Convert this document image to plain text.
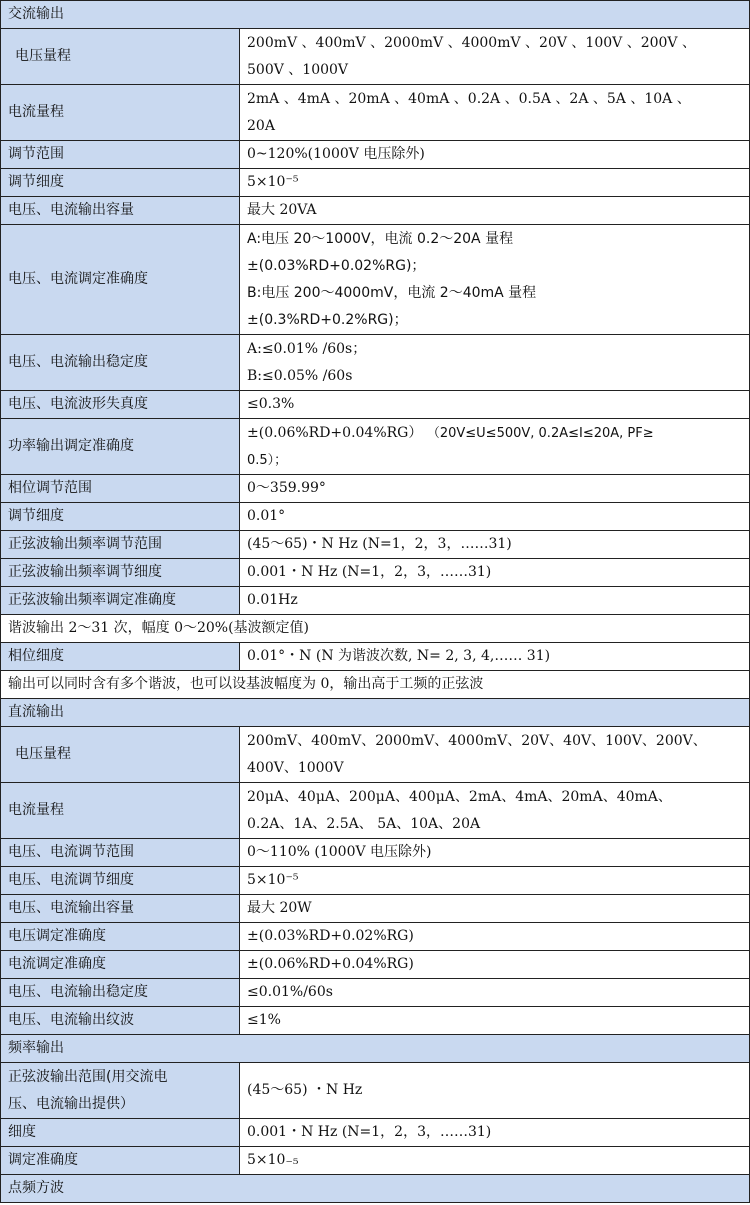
交流输出	
电压量程	200mV 、400mV 、2000mV 、4000mV 、20V 、100V 、200V 、
500V 、1000V

电流量程	2mA 、4mA 、20mA 、40mA 、0.2A 、0.5A 、2A 、5A 、10A 、
20A

调节范围	0~120%(1000V 电压除外)
调节细度	5×10⁻⁵
电压、电流输出容量	最大 20VA
电压、电流调定准确度	A:电压 20～1000V，电流 0.2～20A 量程
±(0.03%RD+0.02%RG)；
B:电压 200～4000mV，电流 2～40mA 量程
±(0.3%RD+0.2%RG)；

电压、电流输出稳定度	A:≤0.01% /60s；
B:≤0.05% /60s

电压、电流波形失真度	≤0.3%
功率输出调定准确度	±(0.06%RD+0.04%RG） （20V≤U≤500V, 0.2A≤I≤20A, PF≥
0.5）；

相位调节范围	0～359.99°
调节细度	0.01°
正弦波输出频率调节范围	(45～65)・N Hz (N=1，2，3，……31)
正弦波输出频率调节细度	0.001・N Hz (N=1，2，3，……31)
正弦波输出频率调定准确度	0.01Hz
谐波输出 2～31 次，幅度 0～20%(基波额定值)	
相位细度	0.01°・N (N 为谐波次数, N= 2, 3, 4,…… 31)
输出可以同时含有多个谐波，也可以设基波幅度为 0，输出高于工频的正弦波	
直流输出	
电压量程	200mV、400mV、2000mV、4000mV、20V、40V、100V、200V、
400V、1000V

电流量程	20μA、40μA、200μA、400μA、2mA、4mA、20mA、40mA、
0.2A、1A、2.5A、 5A、10A、20A

电压、电流调节范围	0～110% (1000V 电压除外)
电压、电流调节细度	5×10⁻⁵
电压、电流输出容量	最大 20W
电压调定准确度	±(0.03%RD+0.02%RG)
电流调定准确度	±(0.06%RD+0.04%RG)
电压、电流输出稳定度	≤0.01%/60s
电压、电流输出纹波	≤1%
频率输出	

正弦波输出范围(用交流电
压、电流输出提供）	(45～65) ・N Hz
细度	0.001・N Hz (N=1，2，3，……31)
调定准确度	5×10₋₅
点频方波	
